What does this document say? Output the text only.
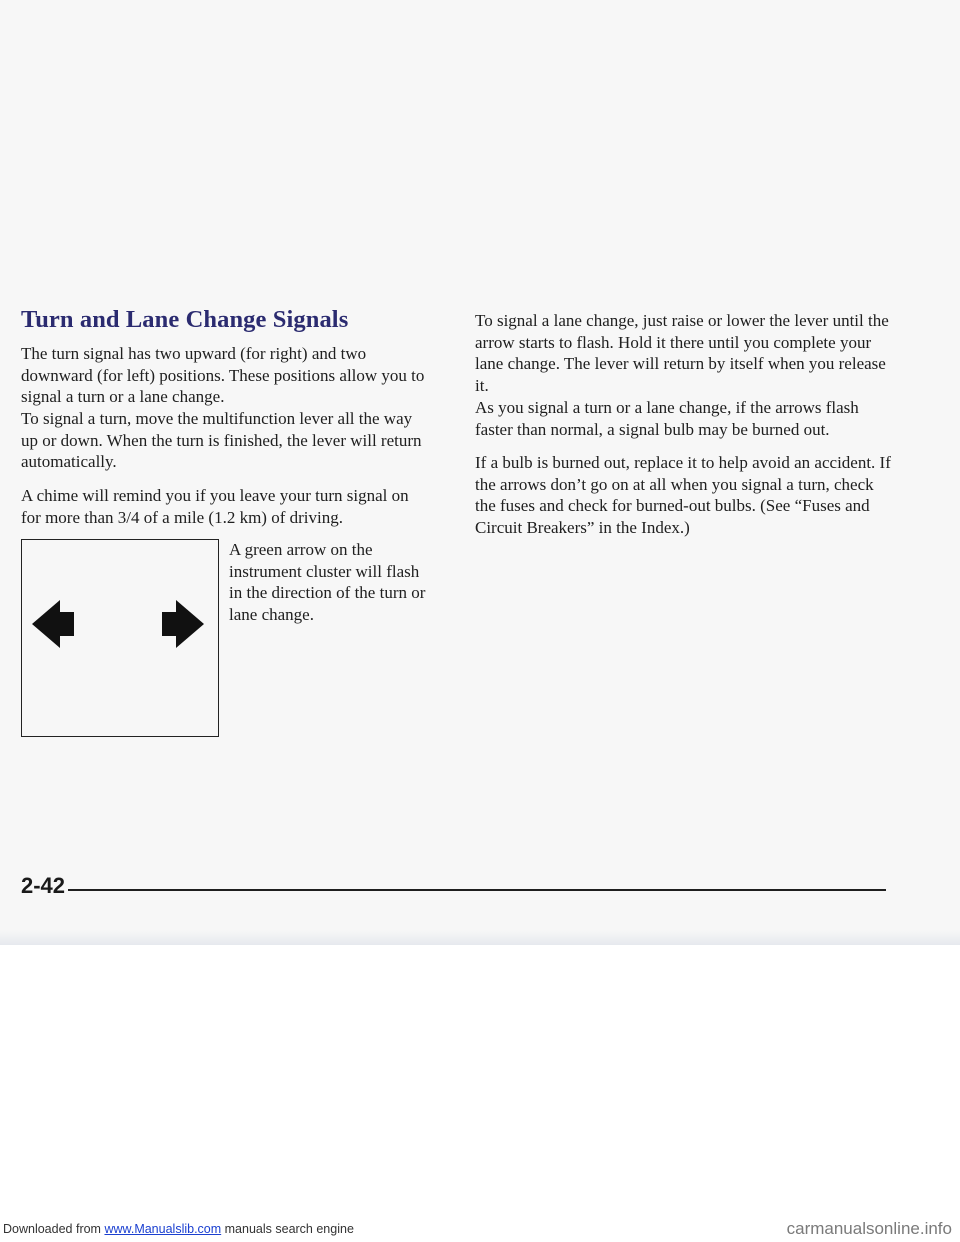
Turn and Lane Change Signals

The turn signal has two upward (for right) and two downward (for left) positions. These positions allow you to signal a turn or a lane change.

To signal a turn, move the multifunction lever all the way up or down. When the turn is finished, the lever will return automatically.

A chime will remind you if you leave your turn signal on for more than 3/4 of a mile (1.2 km) of driving.

A green arrow on the instrument cluster will flash in the direction of the turn or lane change.

To signal a lane change, just raise or lower the lever until the arrow starts to flash. Hold it there until you complete your lane change. The lever will return by itself when you release it.

As you signal a turn or a lane change, if the arrows flash faster than normal, a signal bulb may be burned out.

If a bulb is burned out, replace it to help avoid an accident. If the arrows don’t go on at all when you signal a turn, check the fuses and check for burned-out bulbs. (See “Fuses and Circuit Breakers” in the Index.)

2-42

Downloaded from www.Manualslib.com manuals search engine	carmanualsonline.info
